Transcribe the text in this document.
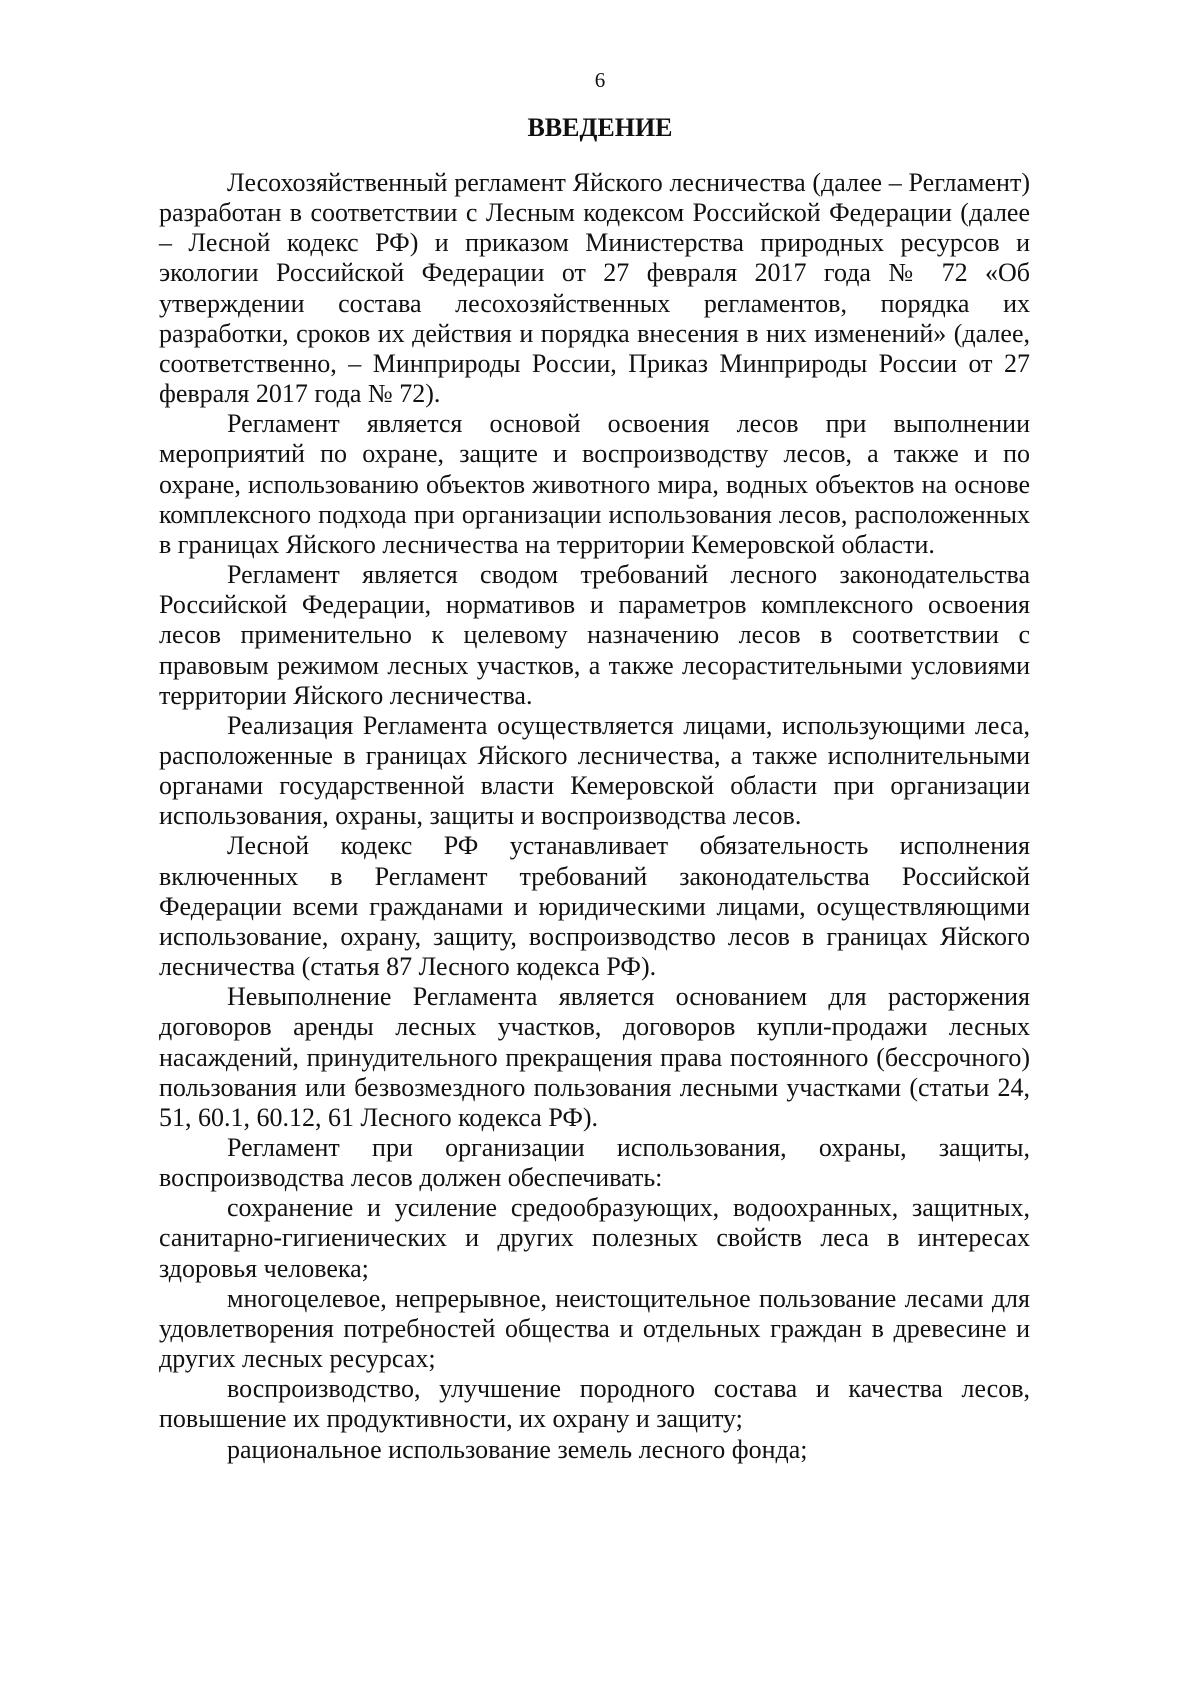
6
ВВЕДЕНИЕ

Лесохозяйственный регламент Яйского лесничества (далее – Регламент) разработан в соответствии с Лесным кодексом Российской Федерации (далее – Лесной кодекс РФ) и приказом Министерства природных ресурсов и экологии Российской Федерации от 27 февраля 2017 года № 72 «Об утверждении состава лесохозяйственных регламентов, порядка их разработки, сроков их действия и порядка внесения в них изменений» (далее, соответственно, – Минприроды России, Приказ Минприроды России от 27 февраля 2017 года № 72).

Регламент является основой освоения лесов при выполнении мероприятий по охране, защите и воспроизводству лесов, а также и по охране, использованию объектов животного мира, водных объектов на основе комплексного подхода при организации использования лесов, расположенных в границах Яйского лесничества на территории Кемеровской области.

Регламент является сводом требований лесного законодательства Российской Федерации, нормативов и параметров комплексного освоения лесов применительно к целевому назначению лесов в соответствии с правовым режимом лесных участков, а также лесорастительными условиями территории Яйского лесничества.

Реализация Регламента осуществляется лицами, использующими леса, расположенные в границах Яйского лесничества, а также исполнительными органами государственной власти Кемеровской области при организации использования, охраны, защиты и воспроизводства лесов.

Лесной кодекс РФ устанавливает обязательность исполнения включенных в Регламент требований законодательства Российской Федерации всеми гражданами и юридическими лицами, осуществляющими использование, охрану, защиту, воспроизводство лесов в границах Яйского лесничества (статья 87 Лесного кодекса РФ).

Невыполнение Регламента является основанием для расторжения договоров аренды лесных участков, договоров купли-продажи лесных насаждений, принудительного прекращения права постоянного (бессрочного) пользования или безвозмездного пользования лесными участками (статьи 24, 51, 60.1, 60.12, 61 Лесного кодекса РФ).

Регламент при организации использования, охраны, защиты, воспроизводства лесов должен обеспечивать:

сохранение и усиление средообразующих, водоохранных, защитных, санитарно-гигиенических и других полезных свойств леса в интересах здоровья человека;

многоцелевое, непрерывное, неистощительное пользование лесами для удовлетворения потребностей общества и отдельных граждан в древесине и других лесных ресурсах;

воспроизводство, улучшение породного состава и качества лесов, повышение их продуктивности, их охрану и защиту;

рациональное использование земель лесного фонда;
